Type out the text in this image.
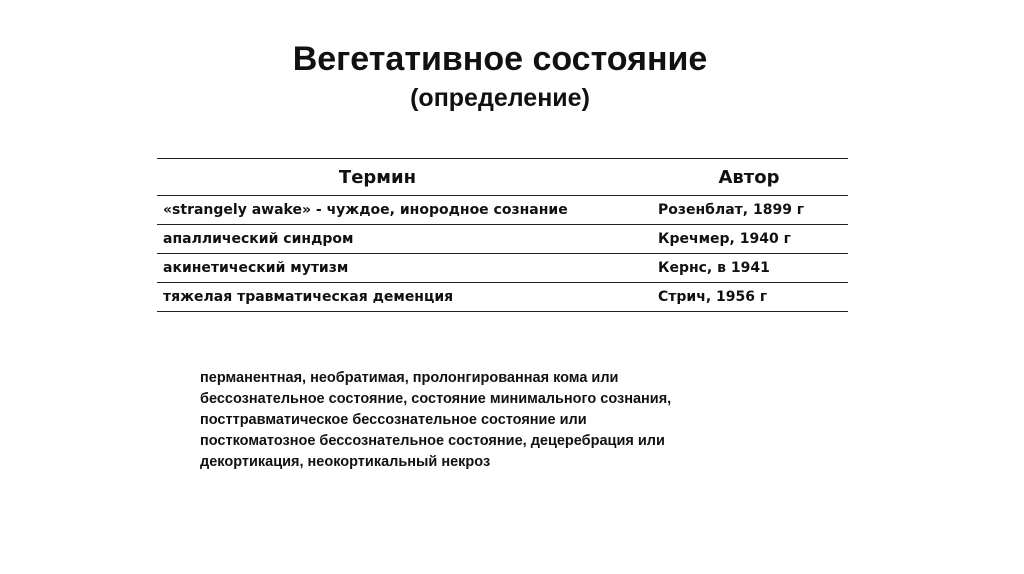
Вегетативное состояние
(определение)
Термин	Автор
«strangely awake» - чуждое, инородное сознание	Розенблат, 1899 г
апаллический синдром	Кречмер, 1940 г
акинетический мутизм	Кернс, в 1941
тяжелая травматическая деменция	Стрич, 1956 г
перманентная, необратимая, пролонгированная кома или
бессознательное состояние, состояние минимального сознания,
посттравматическое бессознательное состояние или
посткоматозное бессознательное состояние, децеребрация или
декортикация, неокортикальный некроз
